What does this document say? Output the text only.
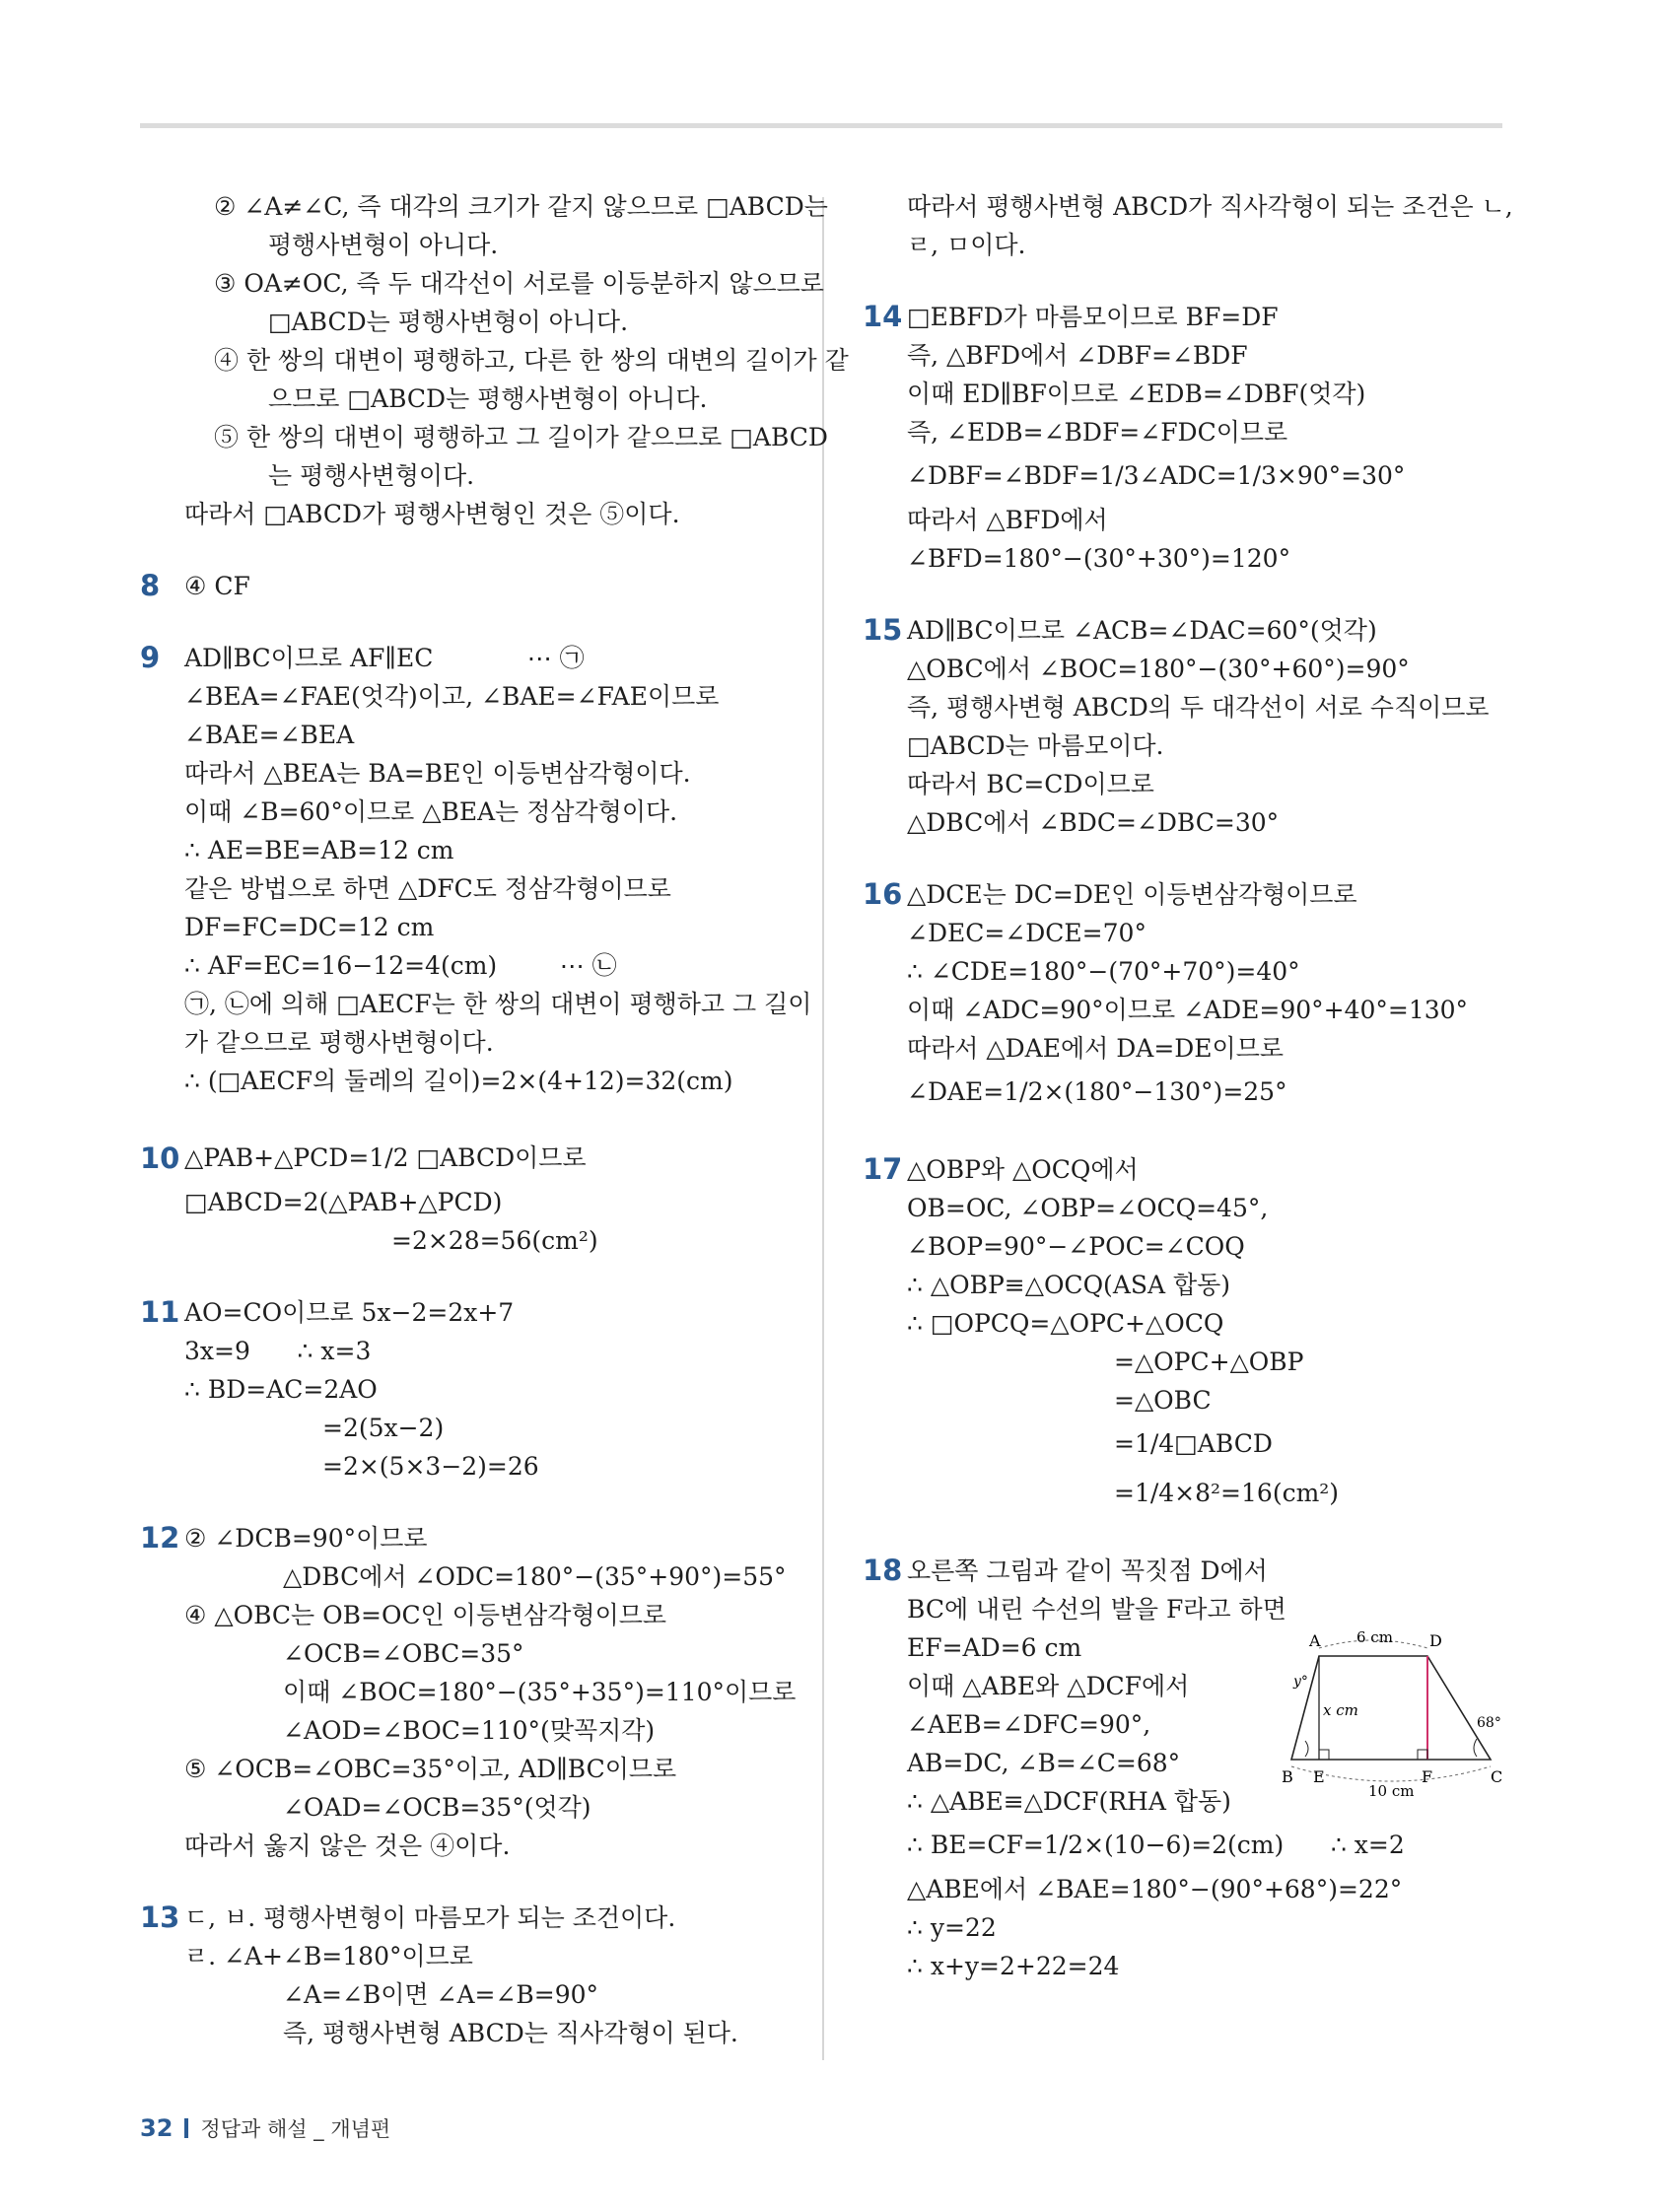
② ∠A≠∠C, 즉 대각의 크기가 같지 않으므로 □ABCD는
평행사변형이 아니다.
③ OA≠OC, 즉 두 대각선이 서로를 이등분하지 않으므로
□ABCD는 평행사변형이 아니다.
④ 한 쌍의 대변이 평행하고, 다른 한 쌍의 대변의 길이가 같
으므로 □ABCD는 평행사변형이 아니다.
⑤ 한 쌍의 대변이 평행하고 그 길이가 같으므로 □ABCD
는 평행사변형이다.
따라서 □ABCD가 평행사변형인 것은 ⑤이다.
8 ④ CF
9 AD∥BC이므로 AF∥EC            ⋯ ㉠
∠BEA=∠FAE(엇각)이고, ∠BAE=∠FAE이므로
∠BAE=∠BEA
따라서 △BEA는 BA=BE인 이등변삼각형이다.
이때 ∠B=60°이므로 △BEA는 정삼각형이다.
∴ AE=BE=AB=12 cm
같은 방법으로 하면 △DFC도 정삼각형이므로
DF=FC=DC=12 cm
∴ AF=EC=16−12=4(cm)        ⋯ ㉡
㉠, ㉡에 의해 □AECF는 한 쌍의 대변이 평행하고 그 길이
가 같으므로 평행사변형이다.
∴ (□AECF의 둘레의 길이)=2×(4+12)=32(cm)
10 △PAB+△PCD=1/2 □ABCD이므로
□ABCD=2(△PAB+△PCD)
=2×28=56(cm²)
11 AO=CO이므로 5x−2=2x+7
3x=9      ∴ x=3
∴ BD=AC=2AO
=2(5x−2)
=2×(5×3−2)=26
12 ② ∠DCB=90°이므로
△DBC에서 ∠ODC=180°−(35°+90°)=55°
④ △OBC는 OB=OC인 이등변삼각형이므로
∠OCB=∠OBC=35°
이때 ∠BOC=180°−(35°+35°)=110°이므로
∠AOD=∠BOC=110°(맞꼭지각)
⑤ ∠OCB=∠OBC=35°이고, AD∥BC이므로
∠OAD=∠OCB=35°(엇각)
따라서 옳지 않은 것은 ④이다.
13 ㄷ, ㅂ. 평행사변형이 마름모가 되는 조건이다.
ㄹ. ∠A+∠B=180°이므로
∠A=∠B이면 ∠A=∠B=90°
즉, 평행사변형 ABCD는 직사각형이 된다.
따라서 평행사변형 ABCD가 직사각형이 되는 조건은 ㄴ,
ㄹ, ㅁ이다.
14 □EBFD가 마름모이므로 BF=DF
즉, △BFD에서 ∠DBF=∠BDF
이때 ED∥BF이므로 ∠EDB=∠DBF(엇각)
즉, ∠EDB=∠BDF=∠FDC이므로
∠DBF=∠BDF=1/3∠ADC=1/3×90°=30°
따라서 △BFD에서
∠BFD=180°−(30°+30°)=120°
15 AD∥BC이므로 ∠ACB=∠DAC=60°(엇각)
△OBC에서 ∠BOC=180°−(30°+60°)=90°
즉, 평행사변형 ABCD의 두 대각선이 서로 수직이므로
□ABCD는 마름모이다.
따라서 BC=CD이므로
△DBC에서 ∠BDC=∠DBC=30°
16 △DCE는 DC=DE인 이등변삼각형이므로
∠DEC=∠DCE=70°
∴ ∠CDE=180°−(70°+70°)=40°
이때 ∠ADC=90°이므로 ∠ADE=90°+40°=130°
따라서 △DAE에서 DA=DE이므로
∠DAE=1/2×(180°−130°)=25°
17 △OBP와 △OCQ에서
OB=OC, ∠OBP=∠OCQ=45°,
∠BOP=90°−∠POC=∠COQ
∴ △OBP≡△OCQ(ASA 합동)
∴ □OPCQ=△OPC+△OCQ
=△OPC+△OBP
=△OBC
=1/4□ABCD
=1/4×8²=16(cm²)
18 오른쪽 그림과 같이 꼭짓점 D에서
BC에 내린 수선의 발을 F라고 하면
EF=AD=6 cm
이때 △ABE와 △DCF에서
∠AEB=∠DFC=90°,
AB=DC, ∠B=∠C=68°
∴ △ABE≡△DCF(RHA 합동)
∴ BE=CF=1/2×(10−6)=2(cm)      ∴ x=2
△ABE에서 ∠BAE=180°−(90°+68°)=22°
∴ y=22
∴ x+y=2+22=24
A	D
B E	F	C
6 cm
10 cm
x cm
y°
68°
32 정답과 해설 _ 개념편
